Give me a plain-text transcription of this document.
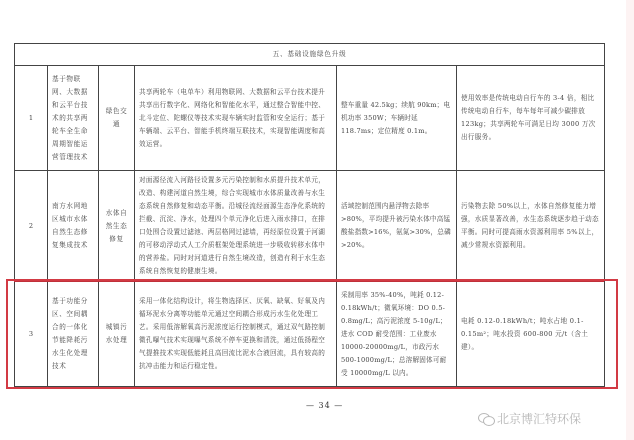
五、基础设施绿色升级					
1	基于物联网、大数据和云平台技术的共享两轮车全生命周期智能运营管理技术	绿色交通	共享两轮车（电单车）利用物联网、大数据和云平台技术提升共享出行数字化、网络化和智能化水平，通过整合智能中控、北斗定位、陀螺仪等技术实现车辆实时监管和安全运行；基于车辆端、云平台、智能手机终端互联技术，实现智能调度和高效运营。	整车重量 42.5kg；续航 90km；电机功率 350W；车辆时延 118.7ms；定位精度 0.1m。	使用效率是传统电动自行车的 3-4 倍，相比传统电动自行车，每车每年可减少碳排放 123kg；共享两轮车可满足日均 3000 万次出行服务。
2	南方水网地区城市水体自然生态修复集成技术	水体自然生态修复	对面源径流入河路径设置多元污染控制和水质提升技术单元，改造、构建河道自然生境，综合实现城市水体质量改善与水生态系统自然修复和动态平衡。沿城径流经面源生态净化系统的拦截、沉淀、净水，处理四个单元净化后进入雨水排口，在排口处围合设置过滤池、两层格网过滤墙，再经原位设置于河湖的可移动浮动式人工介质框架处理系统进一步吸收转移水体中的营养盐。同时对河道进行自然生境改造，创造有利于水生态系统自然恢复的健康生境。	活域控制范围内悬浮物去除率>80%，平均提升被污染水体中高锰酸盐指数>16%，氨氮>30%，总磷>20%。	污染物去除 50%以上，水体自然修复能力增强，水质显著改善，水生态系统逐步趋于动态平衡。同时可提高雨水资源利用率 5%以上，减少常规水资源利用。
3	基于功能分区、空间耦合的一体化节能降耗污水生化处理技术	城镇污水处理	采用一体化结构设计，将生物选择区、厌氧、缺氧、好氧及内循环泥水分离等功能单元通过空间耦合形成污水生化处理工艺。采用低溶解氧高污泥浓度运行控制模式，通过双气路控制微孔曝气技术实现曝气系统不停车更换和清洗，通过低扬程空气提推技术实现低能耗且高回流比泥水合液回流，具有较高的抗冲击能力和运行稳定性。	采制用率 35%-40%，吨耗 0.12-0.18kWh/t；微氧环境：DO 0.5-0.8mg/L；高污泥浓度 5-10g/L；进水 COD 耐受范围：工业废水 10000-20000mg/L，市政污水 500-1000mg/L；总溶解固体可耐受 10000mg/L 以内。	电耗 0.12-0.18kWh/t；吨水占地 0.1-0.15m²；吨水投资 600-800 元/t（含土建）。
— 34 —
北京博汇特环保
